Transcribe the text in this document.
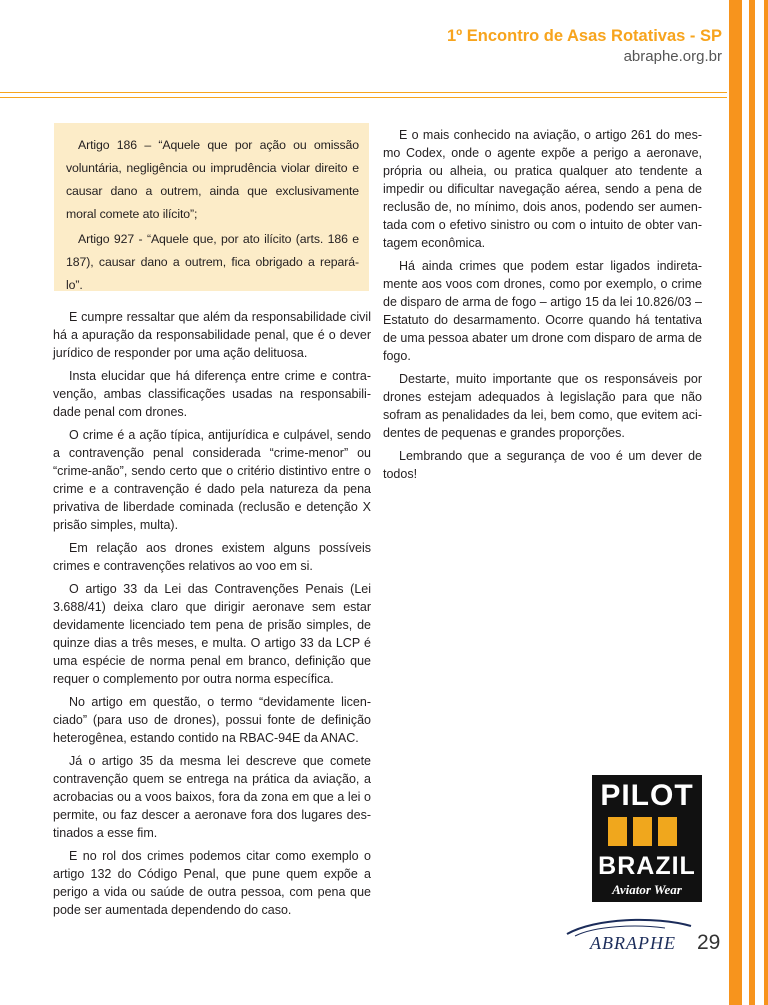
1º Encontro de Asas Rotativas - SP
abraphe.org.br

Artigo 186 – “Aquele que por ação ou omissão voluntária, negligência ou imprudência violar direito e causar dano a outrem, ainda que exclusivamente moral comete ato ilícito”;

Artigo 927 - “Aquele que, por ato ilícito (arts. 186 e 187), causar dano a outrem, fica obrigado a repará-lo”.

E cumpre ressaltar que além da responsabilidade civil há a apuração da responsabilidade penal, que é o dever jurídico de responder por uma ação delituosa.

Insta elucidar que há diferença entre crime e contravenção, ambas classificações usadas na responsabilidade penal com drones.

O crime é a ação típica, antijurídica e culpável, sendo a contravenção penal considerada “crime-menor” ou “crime-anão”, sendo certo que o critério distintivo entre o crime e a contravenção é dado pela natureza da pena privativa de liberdade cominada (reclusão e detenção X prisão simples, multa).

Em relação aos drones existem alguns possíveis crimes e contravenções relativos ao voo em si.

O artigo 33 da Lei das Contravenções Penais (Lei 3.688/41) deixa claro que dirigir aeronave sem estar devidamente licenciado tem pena de prisão simples, de quinze dias a três meses, e multa. O artigo 33 da LCP é uma espécie de norma penal em branco, definição que requer o complemento por outra norma específica.

No artigo em questão, o termo “devidamente licenciado” (para uso de drones), possui fonte de definição heterogênea, estando contido na RBAC-94E da ANAC.

Já o artigo 35 da mesma lei descreve que comete contravenção quem se entrega na prática da aviação, a acrobacias ou a voos baixos, fora da zona em que a lei o permite, ou faz descer a aeronave fora dos lugares destinados a esse fim.

E no rol dos crimes podemos citar como exemplo o artigo 132 do Código Penal, que pune quem expõe a perigo a vida ou saúde de outra pessoa, com pena que pode ser aumentada dependendo do caso.

E o mais conhecido na aviação, o artigo 261 do mesmo Codex, onde o agente expõe a perigo a aeronave, própria ou alheia, ou pratica qualquer ato tendente a impedir ou dificultar navegação aérea, sendo a pena de reclusão de, no mínimo, dois anos, podendo ser aumentada com o efetivo sinistro ou com o intuito de obter vantagem econômica.

Há ainda crimes que podem estar ligados indiretamente aos voos com drones, como por exemplo, o crime de disparo de arma de fogo – artigo 15 da lei 10.826/03 – Estatuto do desarmamento. Ocorre quando há tentativa de uma pessoa abater um drone com disparo de arma de fogo.

Destarte, muito importante que os responsáveis por drones estejam adequados à legislação para que não sofram as penalidades da lei, bem como, que evitem acidentes de pequenas e grandes proporções.

Lembrando que a segurança de voo é um dever de todos!

PILOT
BRAZIL
Aviator Wear
ABRAPHE 29
